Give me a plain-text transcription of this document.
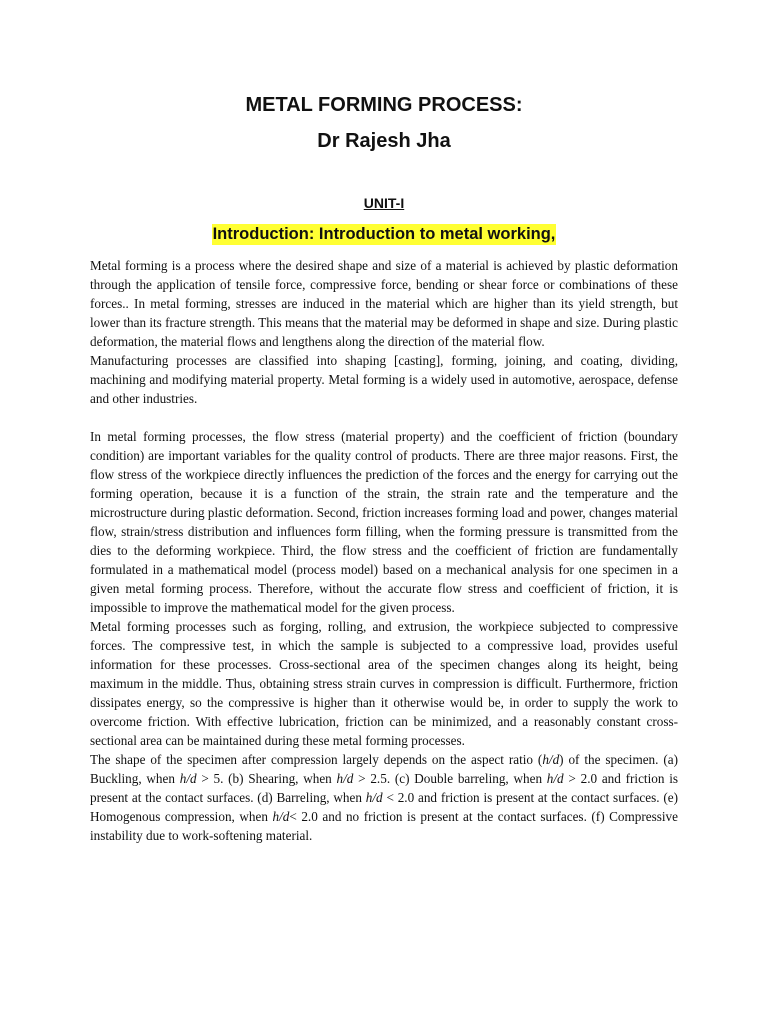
METAL FORMING PROCESS:
Dr Rajesh Jha
UNIT-I
Introduction: Introduction to metal working,

Metal forming is a process where the desired shape and size of a material is achieved by plastic deformation through the application of tensile force, compressive force, bending or shear force or combinations of these forces.. In metal forming, stresses are induced in the material which are higher than its yield strength, but lower than its fracture strength. This means that the material may be deformed in shape and size. During plastic deformation, the material flows and lengthens along the direction of the material flow.

Manufacturing processes are classified into shaping [casting], forming, joining, and coating, dividing, machining and modifying material property. Metal forming is a widely used in automotive, aerospace, defense and other industries.

In metal forming processes, the flow stress (material property) and the coefficient of friction (boundary condition) are important variables for the quality control of products. There are three major reasons. First, the flow stress of the workpiece directly influences the prediction of the forces and the energy for carrying out the forming operation, because it is a function of the strain, the strain rate and the temperature and the microstructure during plastic deformation. Second, friction increases forming load and power, changes material flow, strain/stress distribution and influences form filling, when the forming pressure is transmitted from the dies to the deforming workpiece. Third, the flow stress and the coefficient of friction are fundamentally formulated in a mathematical model (process model) based on a mechanical analysis for one specimen in a given metal forming process. Therefore, without the accurate flow stress and coefficient of friction, it is impossible to improve the mathematical model for the given process.

Metal forming processes such as forging, rolling, and extrusion, the workpiece subjected to compressive forces. The compressive test, in which the sample is subjected to a compressive load, provides useful information for these processes. Cross-sectional area of the specimen changes along its height, being maximum in the middle. Thus, obtaining stress strain curves in compression is difficult. Furthermore, friction dissipates energy, so the compressive is higher than it otherwise would be, in order to supply the work to overcome friction. With effective lubrication, friction can be minimized, and a reasonably constant cross-sectional area can be maintained during these metal forming processes.

The shape of the specimen after compression largely depends on the aspect ratio (h/d) of the specimen. (a) Buckling, when h/d > 5. (b) Shearing, when h/d > 2.5. (c) Double barreling, when h/d > 2.0 and friction is present at the contact surfaces. (d) Barreling, when h/d < 2.0 and friction is present at the contact surfaces. (e) Homogenous compression, when h/d< 2.0 and no friction is present at the contact surfaces. (f) Compressive instability due to work-softening material.
